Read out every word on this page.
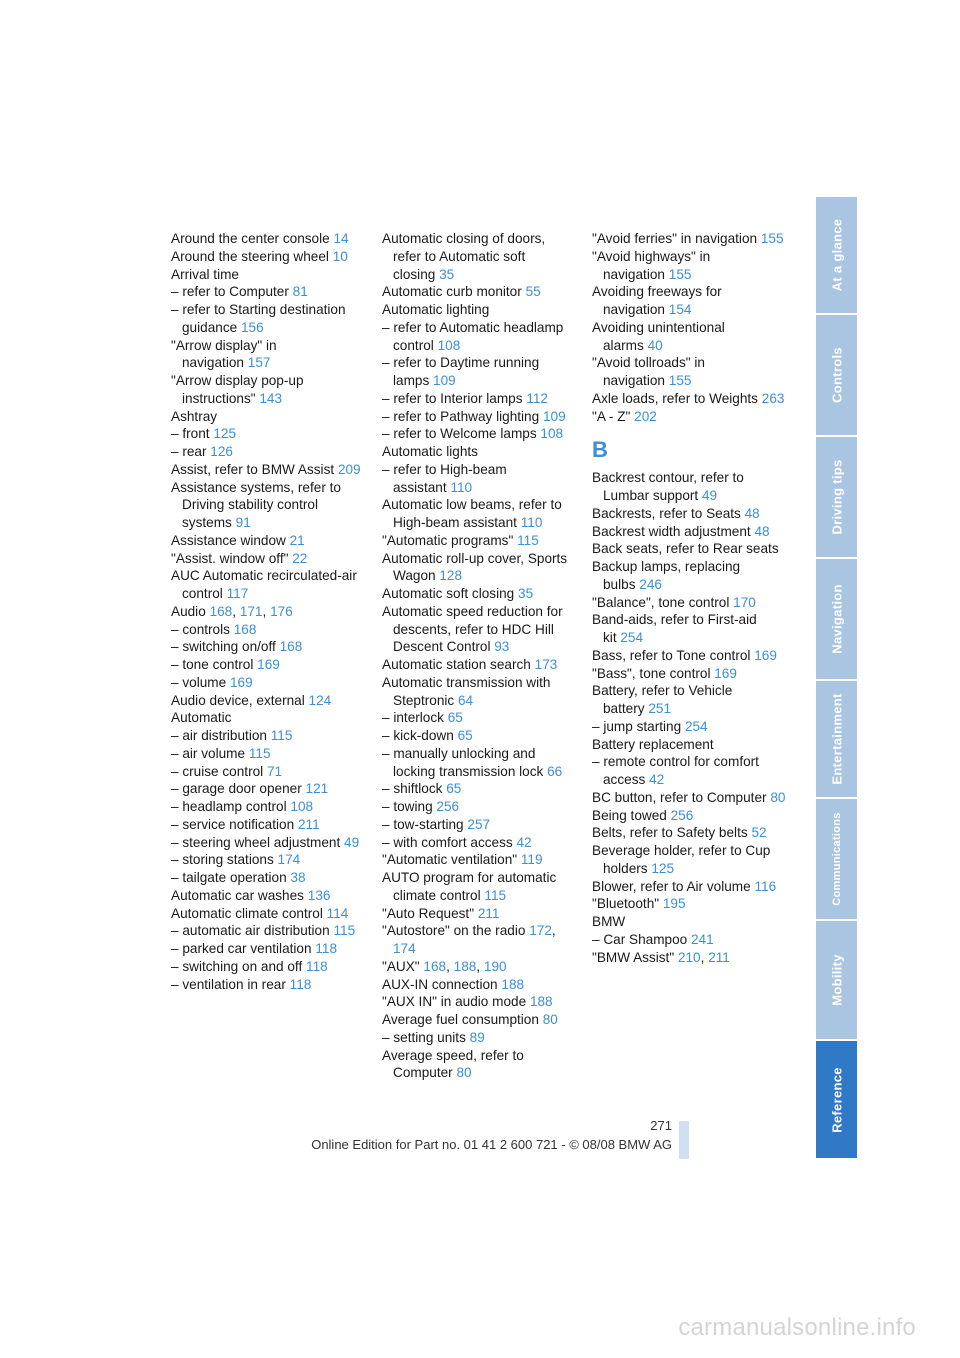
Around the center console 14
Around the steering wheel 10
Arrival time
– refer to Computer 81
– refer to Starting destination guidance 156
"Arrow display" in navigation 157
"Arrow display pop-up instructions" 143
Ashtray
– front 125
– rear 126
Assist, refer to BMW Assist 209
Assistance systems, refer to Driving stability control systems 91
Assistance window 21
"Assist. window off" 22
AUC Automatic recirculated-air control 117
Audio 168, 171, 176
– controls 168
– switching on/off 168
– tone control 169
– volume 169
Audio device, external 124
Automatic
– air distribution 115
– air volume 115
– cruise control 71
– garage door opener 121
– headlamp control 108
– service notification 211
– steering wheel adjustment 49
– storing stations 174
– tailgate operation 38
Automatic car washes 136
Automatic climate control 114
– automatic air distribution 115
– parked car ventilation 118
– switching on and off 118
– ventilation in rear 118
Automatic closing of doors, refer to Automatic soft closing 35
Automatic curb monitor 55
Automatic lighting
– refer to Automatic headlamp control 108
– refer to Daytime running lamps 109
– refer to Interior lamps 112
– refer to Pathway lighting 109
– refer to Welcome lamps 108
Automatic lights
– refer to High-beam assistant 110
Automatic low beams, refer to High-beam assistant 110
"Automatic programs" 115
Automatic roll-up cover, Sports Wagon 128
Automatic soft closing 35
Automatic speed reduction for descents, refer to HDC Hill Descent Control 93
Automatic station search 173
Automatic transmission with Steptronic 64
– interlock 65
– kick-down 65
– manually unlocking and locking transmission lock 66
– shiftlock 65
– towing 256
– tow-starting 257
– with comfort access 42
"Automatic ventilation" 119
AUTO program for automatic climate control 115
"Auto Request" 211
"Autostore" on the radio 172, 174
"AUX" 168, 188, 190
AUX-IN connection 188
"AUX IN" in audio mode 188
Average fuel consumption 80
– setting units 89
Average speed, refer to Computer 80
"Avoid ferries" in navigation 155
"Avoid highways" in navigation 155
Avoiding freeways for navigation 154
Avoiding unintentional alarms 40
"Avoid tollroads" in navigation 155
Axle loads, refer to Weights 263
"A - Z" 202
B
Backrest contour, refer to Lumbar support 49
Backrests, refer to Seats 48
Backrest width adjustment 48
Back seats, refer to Rear seats
Backup lamps, replacing bulbs 246
"Balance", tone control 170
Band-aids, refer to First-aid kit 254
Bass, refer to Tone control 169
"Bass", tone control 169
Battery, refer to Vehicle battery 251
– jump starting 254
Battery replacement
– remote control for comfort access 42
BC button, refer to Computer 80
Being towed 256
Belts, refer to Safety belts 52
Beverage holder, refer to Cup holders 125
Blower, refer to Air volume 116
"Bluetooth" 195
BMW
– Car Shampoo 241
"BMW Assist" 210, 211
At a glance
Controls
Driving tips
Navigation
Entertainment
Communications
Mobility
Reference
271
Online Edition for Part no. 01 41 2 600 721 - © 08/08 BMW AG
carmanualsonline.info
